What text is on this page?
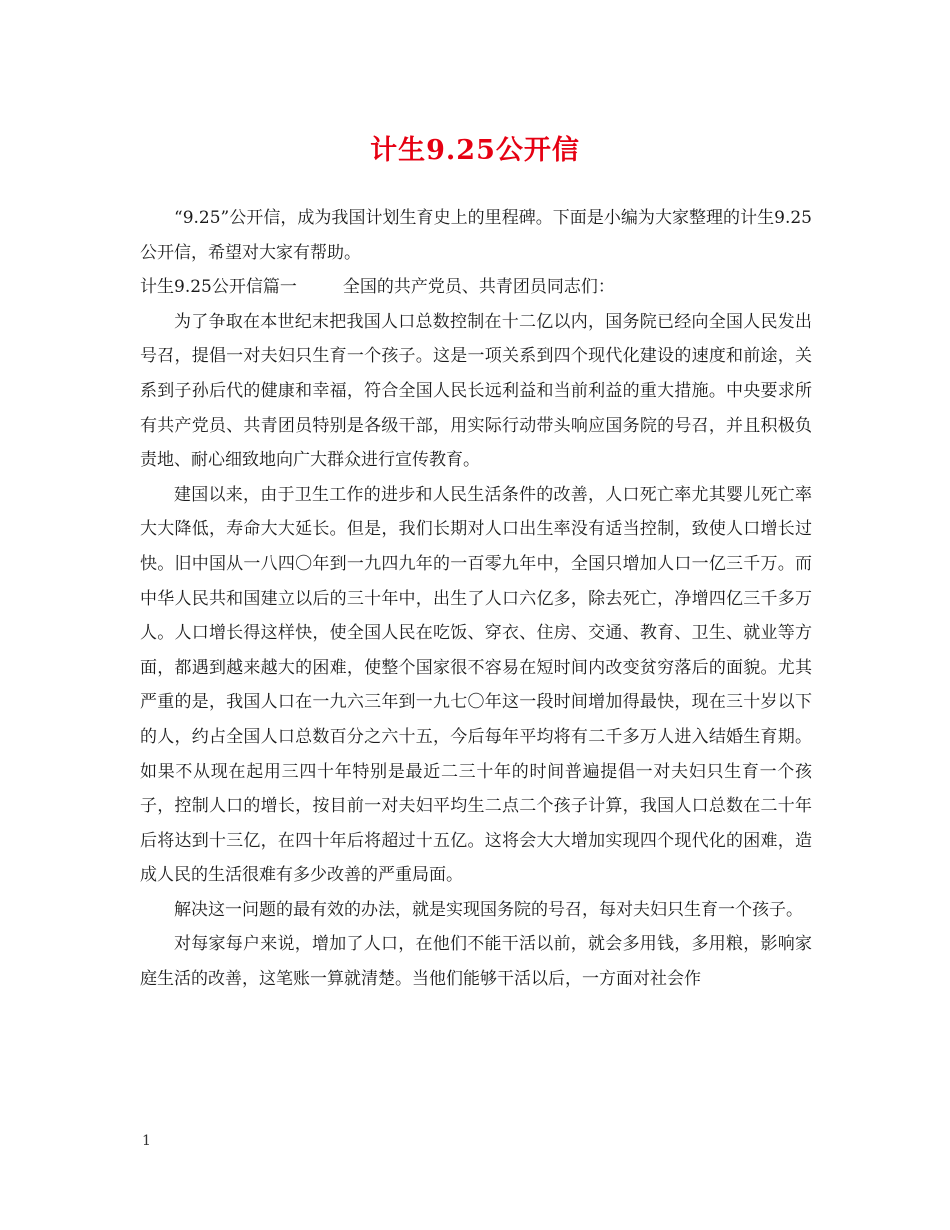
计生9.25公开信

“9.25”公开信，成为我国计划生育史上的里程碑。下面是小编为大家整理的计生9.25公开信，希望对大家有帮助。

计生9.25公开信篇一	全国的共产党员、共青团员同志们：

为了争取在本世纪末把我国人口总数控制在十二亿以内，国务院已经向全国人民发出号召，提倡一对夫妇只生育一个孩子。这是一项关系到四个现代化建设的速度和前途，关系到子孙后代的健康和幸福，符合全国人民长远利益和当前利益的重大措施。中央要求所有共产党员、共青团员特别是各级干部，用实际行动带头响应国务院的号召，并且积极负责地、耐心细致地向广大群众进行宣传教育。

建国以来，由于卫生工作的进步和人民生活条件的改善，人口死亡率尤其婴儿死亡率大大降低，寿命大大延长。但是，我们长期对人口出生率没有适当控制，致使人口增长过快。旧中国从一八四〇年到一九四九年的一百零九年中，全国只增加人口一亿三千万。而中华人民共和国建立以后的三十年中，出生了人口六亿多，除去死亡，净增四亿三千多万人。人口增长得这样快，使全国人民在吃饭、穿衣、住房、交通、教育、卫生、就业等方面，都遇到越来越大的困难，使整个国家很不容易在短时间内改变贫穷落后的面貌。尤其严重的是，我国人口在一九六三年到一九七〇年这一段时间增加得最快，现在三十岁以下的人，约占全国人口总数百分之六十五，今后每年平均将有二千多万人进入结婚生育期。如果不从现在起用三四十年特别是最近二三十年的时间普遍提倡一对夫妇只生育一个孩子，控制人口的增长，按目前一对夫妇平均生二点二个孩子计算，我国人口总数在二十年后将达到十三亿，在四十年后将超过十五亿。这将会大大增加实现四个现代化的困难，造成人民的生活很难有多少改善的严重局面。

解决这一问题的最有效的办法，就是实现国务院的号召，每对夫妇只生育一个孩子。

对每家每户来说，增加了人口，在他们不能干活以前，就会多用钱，多用粮，影响家庭生活的改善，这笔账一算就清楚。当他们能够干活以后，一方面对社会作

1
